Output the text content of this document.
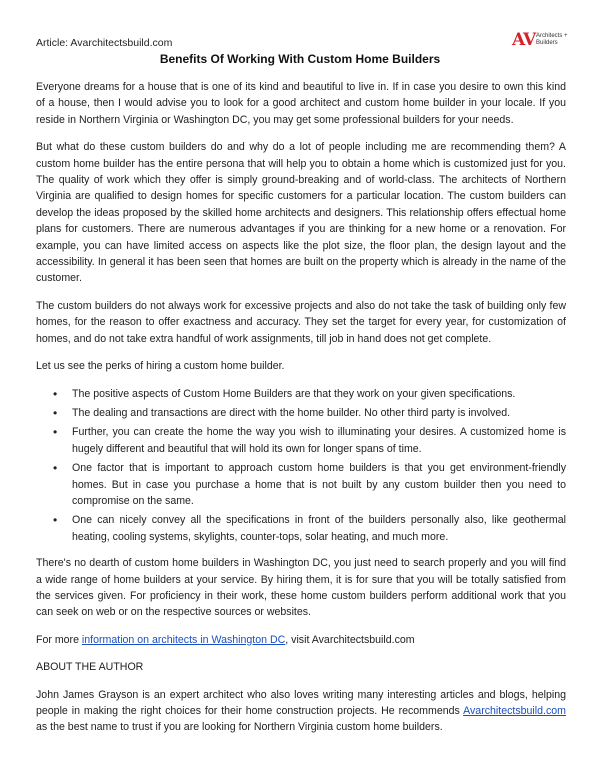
Article: Avarchitectsbuild.com	AV Architects +
Builders
Benefits Of Working With Custom Home Builders

Everyone dreams for a house that is one of its kind and beautiful to live in. If in case you desire to own this kind of a house, then I would advise you to look for a good architect and custom home builder in your locale. If you reside in Northern Virginia or Washington DC, you may get some professional builders for your needs.

But what do these custom builders do and why do a lot of people including me are recommending them? A custom home builder has the entire persona that will help you to obtain a home which is customized just for you. The quality of work which they offer is simply ground-breaking and of world-class. The architects of Northern Virginia are qualified to design homes for specific customers for a particular location. The custom builders can develop the ideas proposed by the skilled home architects and designers. This relationship offers effectual home plans for customers. There are numerous advantages if you are thinking for a new home or a renovation. For example, you can have limited access on aspects like the plot size, the floor plan, the design layout and the accessibility. In general it has been seen that homes are built on the property which is already in the name of the customer.

The custom builders do not always work for excessive projects and also do not take the task of building only few homes, for the reason to offer exactness and accuracy. They set the target for every year, for customization of homes, and do not take extra handful of work assignments, till job in hand does not get complete.

Let us see the perks of hiring a custom home builder.

• The positive aspects of Custom Home Builders are that they work on your given specifications.
• The dealing and transactions are direct with the home builder. No other third party is involved.
• Further, you can create the home the way you wish to illuminating your desires. A customized home is hugely different and beautiful that will hold its own for longer spans of time.
• One factor that is important to approach custom home builders is that you get environment-friendly homes. But in case you purchase a home that is not built by any custom builder then you need to compromise on the same.
• One can nicely convey all the specifications in front of the builders personally also, like geothermal heating, cooling systems, skylights, counter-tops, solar heating, and much more.

There's no dearth of custom home builders in Washington DC, you just need to search properly and you will find a wide range of home builders at your service. By hiring them, it is for sure that you will be totally satisfied from the services given. For proficiency in their work, these home custom builders perform additional work that you can seek on web or on the respective sources or websites.

For more information on architects in Washington DC, visit Avarchitectsbuild.com

ABOUT THE AUTHOR

John James Grayson is an expert architect who also loves writing many interesting articles and blogs, helping people in making the right choices for their home construction projects. He recommends Avarchitectsbuild.com as the best name to trust if you are looking for Northern Virginia custom home builders.
